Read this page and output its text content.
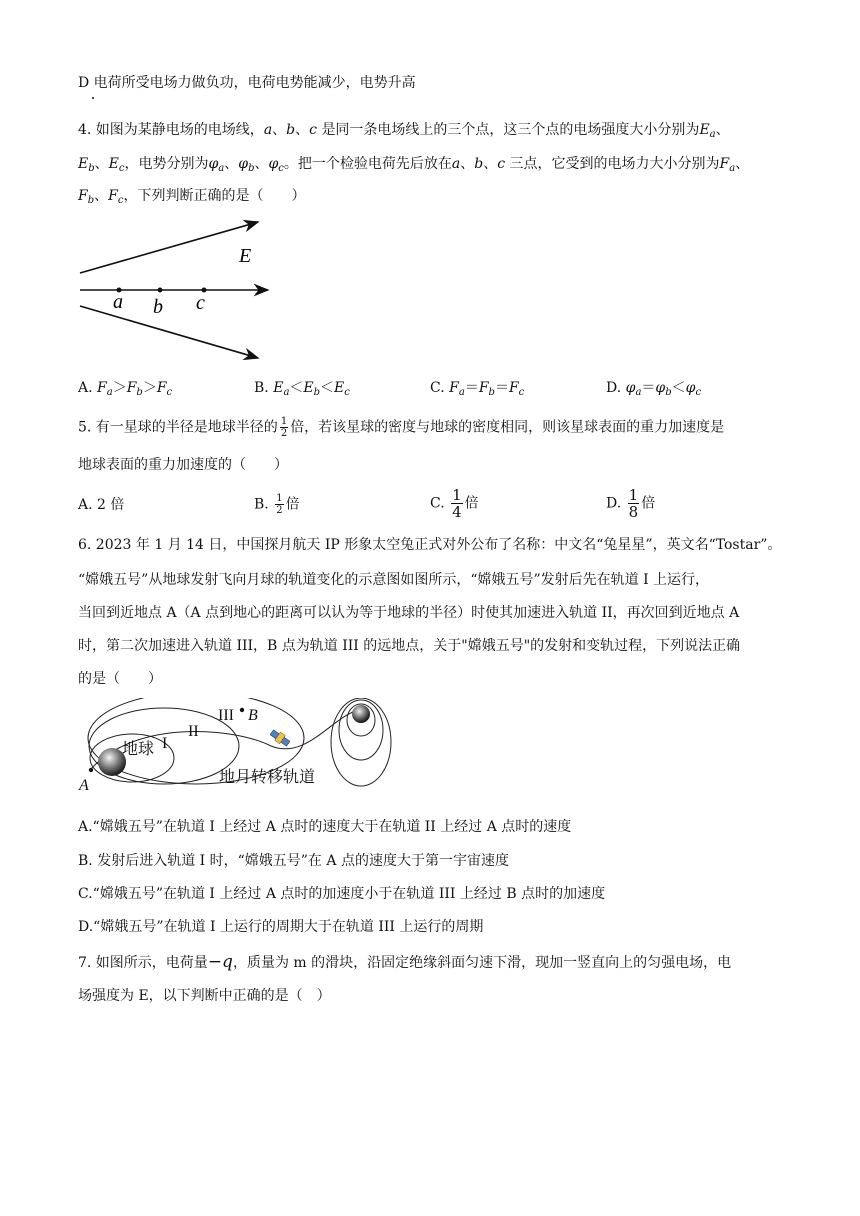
D 电荷所受电场力做负功，电荷电势能减少，电势升高
4. 如图为某静电场的电场线，a、b、c 是同一条电场线上的三个点，这三个点的电场强度大小分别为$E_a$、
$E_b$、$E_c$，电势分别为$\varphi_a$、$\varphi_b$、$\varphi_c$。把一个检验电荷先后放在a、b、c 三点，它受到的电场力大小分别为$F_a$、
$F_b$、$F_c$，下列判断正确的是（　　）
a b c
E
A. $F_a>F_b>F_c$	B. $E_a<E_b<E_c$	C. $F_a=F_b=F_c$	D. $\varphi_a=\varphi_b<\varphi_c$
5. 有一星球的半径是地球半径的 $\frac{1}{2}$ 倍，若该星球的密度与地球的密度相同，则该星球表面的重力加速度是
地球表面的重力加速度的（　　）
A. 2 倍	B. $\frac{1}{2}$ 倍	C. $\frac{1}{4}$ 倍	D. $\frac{1}{8}$ 倍
6. 2023 年 1 月 14 日，中国探月航天 IP 形象太空兔正式对外公布了名称：中文名“兔星星”，英文名“Tostar”。
“嫦娥五号”从地球发射飞向月球的轨道变化的示意图如图所示，“嫦娥五号”发射后先在轨道 I 上运行，
当回到近地点 A（A 点到地心的距离可以认为等于地球的半径）时使其加速进入轨道 II，再次回到近地点 A
时，第二次加速进入轨道 III，B 点为轨道 III 的远地点，关于"嫦娥五号"的发射和变轨过程，下列说法正确
的是（　　）
地球 I
II
III B
A	地月转移轨道
A.“嫦娥五号”在轨道 I 上经过 A 点时的速度大于在轨道 II 上经过 A 点时的速度
B. 发射后进入轨道 I 时，“嫦娥五号”在 A 点的速度大于第一宇宙速度
C.“嫦娥五号”在轨道 I 上经过 A 点时的加速度小于在轨道 III 上经过 B 点时的加速度
D.“嫦娥五号”在轨道 I 上运行的周期大于在轨道 III 上运行的周期
7. 如图所示，电荷量−q，质量为 m 的滑块，沿固定绝缘斜面匀速下滑，现加一竖直向上的匀强电场，电
场强度为 E，以下判断中正确的是（　）
